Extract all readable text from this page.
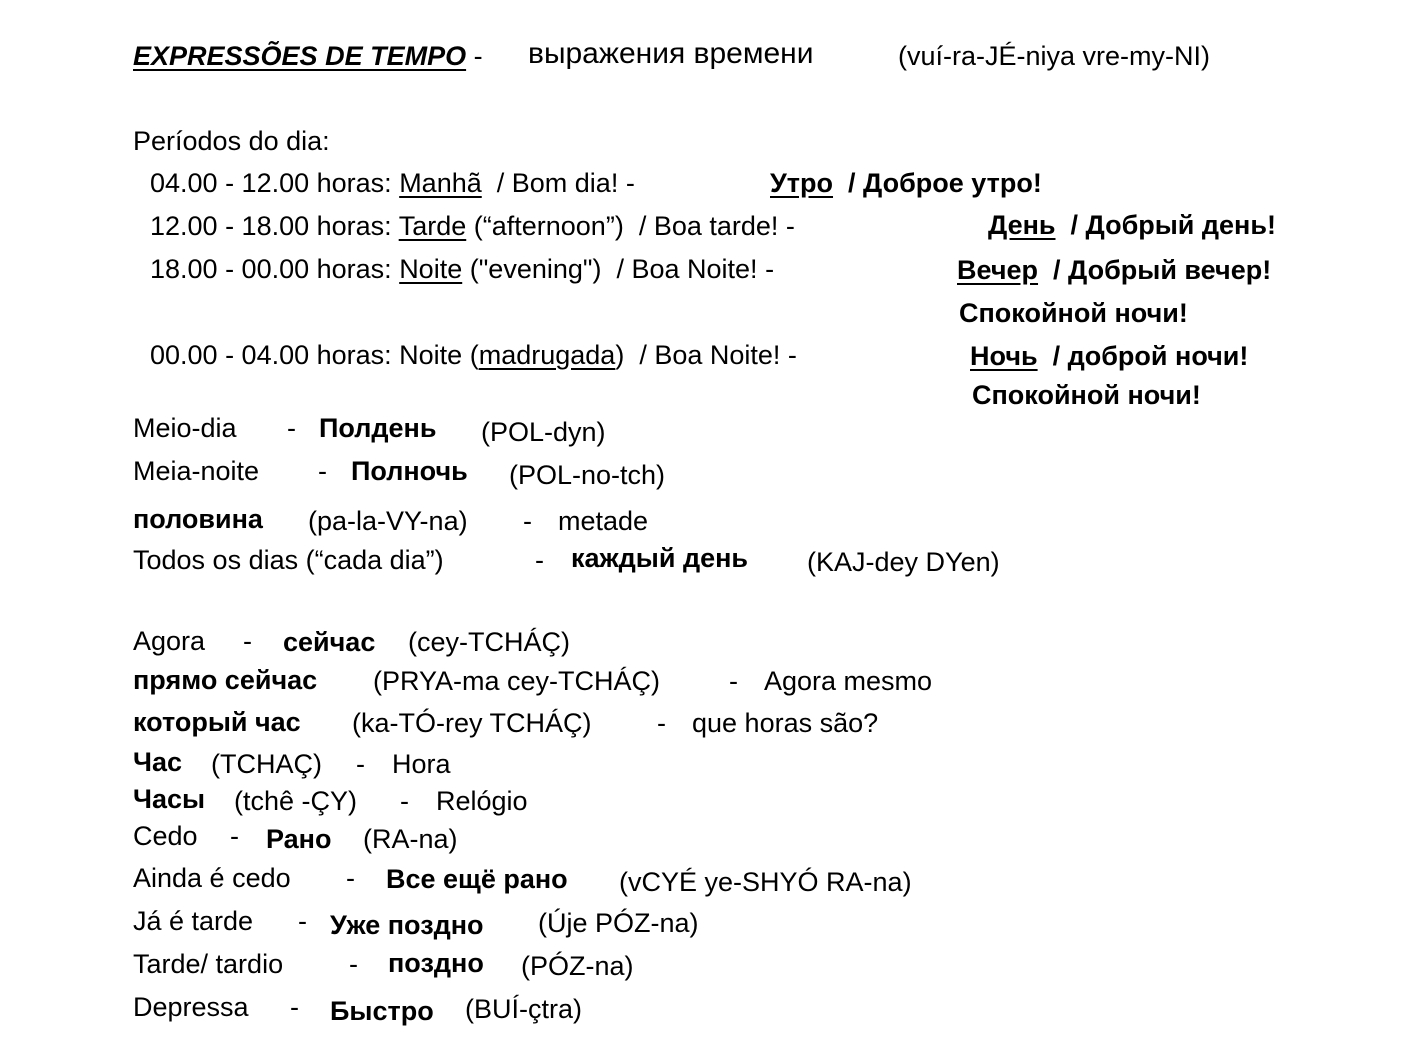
EXPRESSÕES DE TEMPO - выражения времени	(vuí-ra-JÉ-niya vre-my-NI)
Períodos do dia:
04.00 - 12.00 horas: Manhã / Bom dia! -	Утро / Доброе утро!
12.00 - 18.00 horas: Tarde (“afternoon”) / Boa tarde! -	День / Добрый день!
18.00 - 00.00 horas: Noite ("evening") / Boa Noite! -	Вечер / Добрый вечер!
Спокойной ночи!
00.00 - 04.00 horas: Noite (madrugada) / Boa Noite! -	Ночь / доброй ночи!
Спокойной ночи!
Meio-dia - Полдень (POL-dyn)
Meia-noite - Полночь (POL-no-tch)
половина (pa-la-VY-na) - metade
Todos os dias (“cada dia”)	- каждый день (KAJ-dey DYen)
Agora - сейчас (cey-TCHÁÇ)
прямо сейчас (PRYA-ma cey-TCHÁÇ)	- Agora mesmo
который час (ka-TÓ-rey TCHÁÇ) - que horas são?
Час (TCHAÇ) - Hora
Часы (tchê -ÇY) - Relógio
Cedo - Рано (RA-na)
Ainda é cedo - Все ещё рано (vCYÉ ye-SHYÓ RA-na)
Já é tarde - Уже поздно (Úje PÓZ-na)
Tarde/ tardio - поздно (PÓZ-na)
Depressa - Быстро (BUÍ-çtra)
